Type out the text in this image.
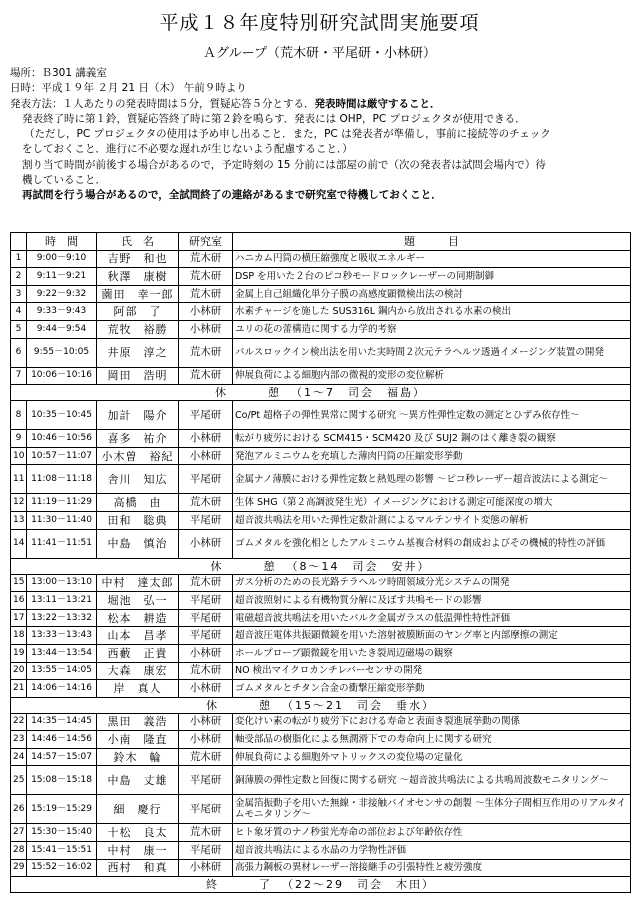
平成１８年度特別研究試問実施要項
Ａグループ（荒木研・平尾研・小林研）

場所：Ｂ301 講義室

日時：平成１９年 ２月 21 日（木） 午前９時より

発表方法：１人あたりの発表時間は５分，質疑応答５分とする．発表時間は厳守すること．

発表終了時に第１鈴，質疑応答終了時に第２鈴を鳴らす．発表には OHP，PC プロジェクタが使用できる．

（ただし，PC プロジェクタの使用は予め申し出ること．また，PC は発表者が準備し，事前に接続等のチェック

をしておくこと．進行に不必要な遅れが生じないよう配慮すること．）

割り当て時間が前後する場合があるので，予定時刻の 15 分前には部屋の前で（次の発表者は試問会場内で）待

機していること．

再試問を行う場合があるので，全試問終了の連絡があるまで研究室で待機しておくこと．

	時　間	氏　名	研究室	題　　　目
1	9:00－9:10	吉野　和也	荒木研	ハニカム円筒の横圧縮強度と吸収エネルギー
2	9:11－9:21	秋澤　康樹	荒木研	DSP を用いた２台のピコ秒モードロックレーザーの同期制御
3	9:22－9:32	薗田　幸一郎	荒木研	金属上自己組織化単分子膜の高感度顕微検出法の検討
4	9:33－9:43	阿部　了	小林研	水素チャージを施した SUS316L 鋼内から放出される水素の検出
5	9:44－9:54	荒牧　裕勝	小林研	ユリの花の蕾構造に関する力学的考察
6	9:55－10:05	井原　淳之	荒木研	パルスロックイン検出法を用いた実時間２次元テラヘルツ透過イメージング装置の開発
7	10:06－10:16	岡田　浩明	荒木研	伸展負荷による細胞内部の微視的変形の変位解析
休 憩 （1～7　司会　福島）				
8	10:35－10:45	加計　陽介	平尾研	Co/Pt 超格子の弾性異常に関する研究 ～異方性弾性定数の測定とひずみ依存性～
9	10:46－10:56	喜多　祐介	小林研	転がり疲労における SCM415・SCM420 及び SUJ2 鋼のはく離き裂の観察
10	10:57－11:07	小木曽　裕紀	小林研	発泡アルミニウムを充填した薄肉円筒の圧縮変形挙動
11	11:08－11:18	舎川　知広	平尾研	金属ナノ薄膜における弾性定数と熱処理の影響 ～ピコ秒レーザー超音波法による測定～
12	11:19－11:29	高橋　由	荒木研	生体 SHG（第２高調波発生光）イメージングにおける測定可能深度の増大
13	11:30－11:40	田和　聡典	平尾研	超音波共鳴法を用いた弾性定数計測によるマルテンサイト変態の解析
14	11:41－11:51	中島　慎治	小林研	ゴムメタルを強化相としたアルミニウム基複合材料の創成およびその機械的特性の評価
休 憩 （8～14　司会　安井）				
15	13:00－13:10	中村　達太郎	荒木研	ガス分析のための長光路テラヘルツ時間領域分光システムの開発
16	13:11－13:21	堀池　弘一	平尾研	超音波照射による有機物質分解に及ぼす共鳴モードの影響
17	13:22－13:32	松本　耕造	平尾研	電磁超音波共鳴法を用いたバルク金属ガラスの低温弾性特性評価
18	13:33－13:43	山本　昌孝	平尾研	超音波圧電体共振顕微鏡を用いた溶射被膜断面のヤング率と内部摩擦の測定
19	13:44－13:54	西藪　正貴	小林研	ホールプローブ顕微鏡を用いたき裂周辺磁場の観察
20	13:55－14:05	大森　康宏	荒木研	NO 検出マイクロカンチレバーセンサの開発
21	14:06－14:16	岸　真人	小林研	ゴムメタルとチタン合金の衝撃圧縮変形挙動
休 憩 （15～21　司会　垂水）				
22	14:35－14:45	黒田　義浩	小林研	変化けい素の転がり疲労下における寿命と表面き裂進展挙動の関係
23	14:46－14:56	小南　隆直	小林研	軸受部品の樹脂化による無潤滑下での寿命向上に関する研究
24	14:57－15:07	鈴木　輪	荒木研	伸展負荷による細胞外マトリックスの変位場の定量化
25	15:08－15:18	中島　丈雄	平尾研	銅薄膜の弾性定数と回復に関する研究 ～超音波共鳴法による共鳴周波数モニタリング～
26	15:19－15:29	細　慶行	平尾研	金属箔振動子を用いた無線・非接触バイオセンサの創製 ～生体分子間相互作用のリアルタイムモニタリング～
27	15:30－15:40	十松　良太	荒木研	ヒト象牙質のナノ秒蛍光寿命の部位および年齢依存性
28	15:41－15:51	中村　康一	平尾研	超音波共鳴法による水晶の力学物性評価
29	15:52－16:02	西村　和真	小林研	高張力鋼板の異材レーザー溶接継手の引張特性と疲労強度
終 了 （22～29　司会　木田）				
